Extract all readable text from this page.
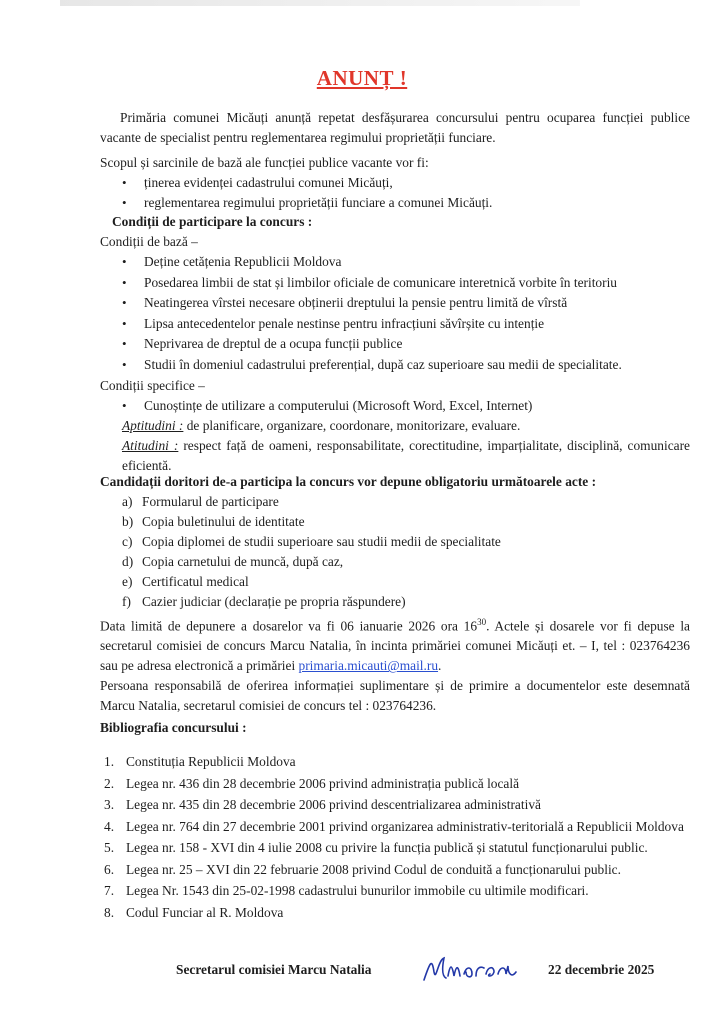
ANUNȚ !

Primăria comunei Micăuți anunță repetat desfășurarea concursului pentru ocuparea funcției publice vacante de specialist pentru reglementarea regimului proprietății funciare.

Scopul și sarcinile de bază ale funcției publice vacante vor fi:

• ținerea evidenței cadastrului comunei Micăuți,
• reglementarea regimului proprietății funciare a comunei Micăuți.

Condiții de participare la concurs :

Condiții de bază –

• Deține cetățenia Republicii Moldova
• Posedarea limbii de stat și limbilor oficiale de comunicare interetnică vorbite în teritoriu
• Neatingerea vîrstei necesare obținerii dreptului la pensie pentru limită de vîrstă
• Lipsa antecedentelor penale nestinse pentru infracțiuni săvîrșite cu intenție
• Neprivarea de dreptul de a ocupa funcții publice
• Studii în domeniul cadastrului preferențial, după caz superioare sau medii de specialitate.

Condiții specifice –

• Cunoștințe de utilizare a computerului (Microsoft Word, Excel, Internet)

Aptitudini : de planificare, organizare, coordonare, monitorizare, evaluare.

Atitudini : respect față de oameni, responsabilitate, corectitudine, imparțialitate, disciplină, comunicare eficientă.

Candidații doritori de-a participa la concurs vor depune obligatoriu următoarele acte :

a) Formularul de participare
b) Copia buletinului de identitate
c) Copia diplomei de studii superioare sau studii medii de specialitate
d) Copia carnetului de muncă, după caz,
e) Certificatul medical
f) Cazier judiciar (declarație pe propria răspundere)

Data limită de depunere a dosarelor va fi 06 ianuarie 2026 ora $16^{30}$. Actele și dosarele vor fi depuse la secretarul comisiei de concurs Marcu Natalia, în incinta primăriei comunei Micăuți et. – I, tel : 023764236 sau pe adresa electronică a primăriei primaria.micauti@mail.ru.

Persoana responsabilă de oferirea informației suplimentare și de primire a documentelor este desemnată Marcu Natalia, secretarul comisiei de concurs tel : 023764236.

Bibliografia concursului :

1. Constituția Republicii Moldova
2. Legea nr. 436 din 28 decembrie 2006 privind administrația publică locală
3. Legea nr. 435 din 28 decembrie 2006 privind descentrializarea administrativă
4. Legea nr. 764 din 27 decembrie 2001 privind organizarea administrativ-teritorială a Republicii Moldova
5. Legea nr. 158 - XVI din 4 iulie 2008 cu privire la funcția publică și statutul funcționarului public.
6. Legea nr. 25 – XVI din 22 februarie 2008 privind Codul de conduită a funcționarului public.
7. Legea Nr. 1543 din 25-02-1998 cadastrului bunurilor immobile cu ultimile modificari.
8. Codul Funciar al R. Moldova
Secretarul comisiei Marcu Natalia	22 decembrie 2025
